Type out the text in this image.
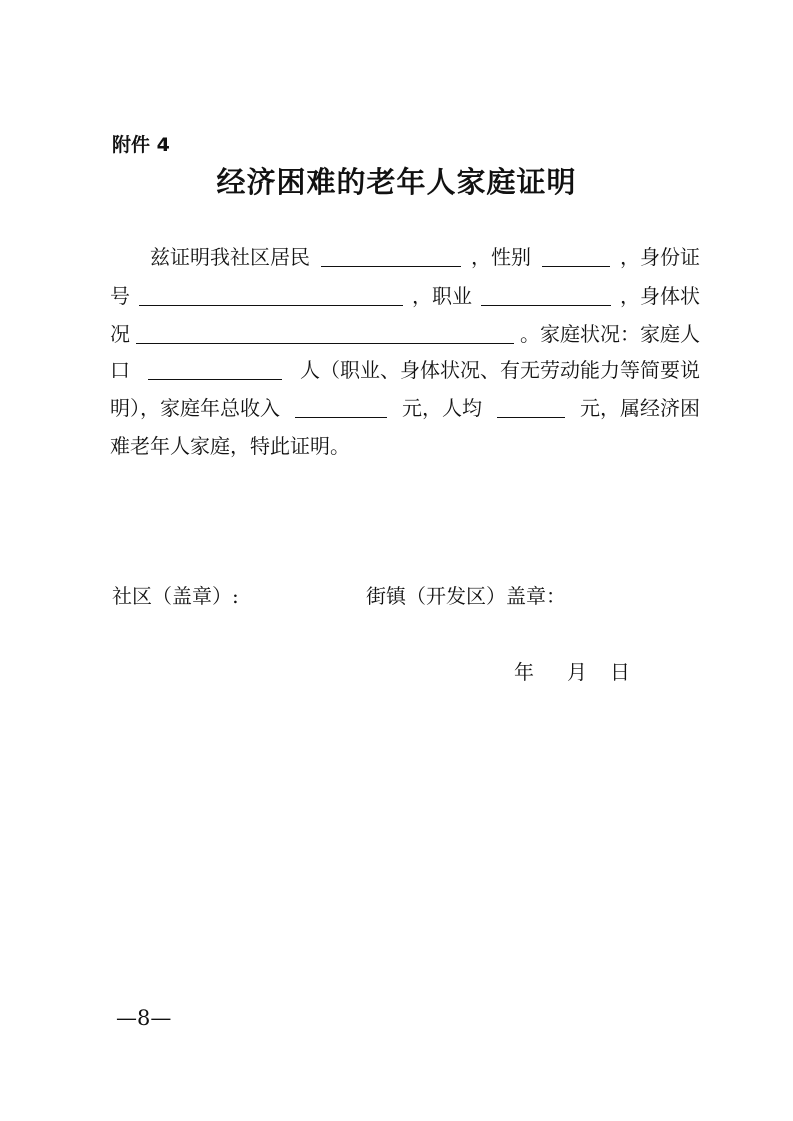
附件 4
经济困难的老年人家庭证明
兹证明我社区居民	，性别	，身份证
号	，职业	，身体状
况	。家庭状况：家庭人
口	人（职业、身体状况、有无劳动能力等简要说
明），家庭年总收入	元，人均	元，属经济困
难老年人家庭，特此证明。
社区（盖章）:	街镇（开发区）盖章：
年 月 日
—8—
